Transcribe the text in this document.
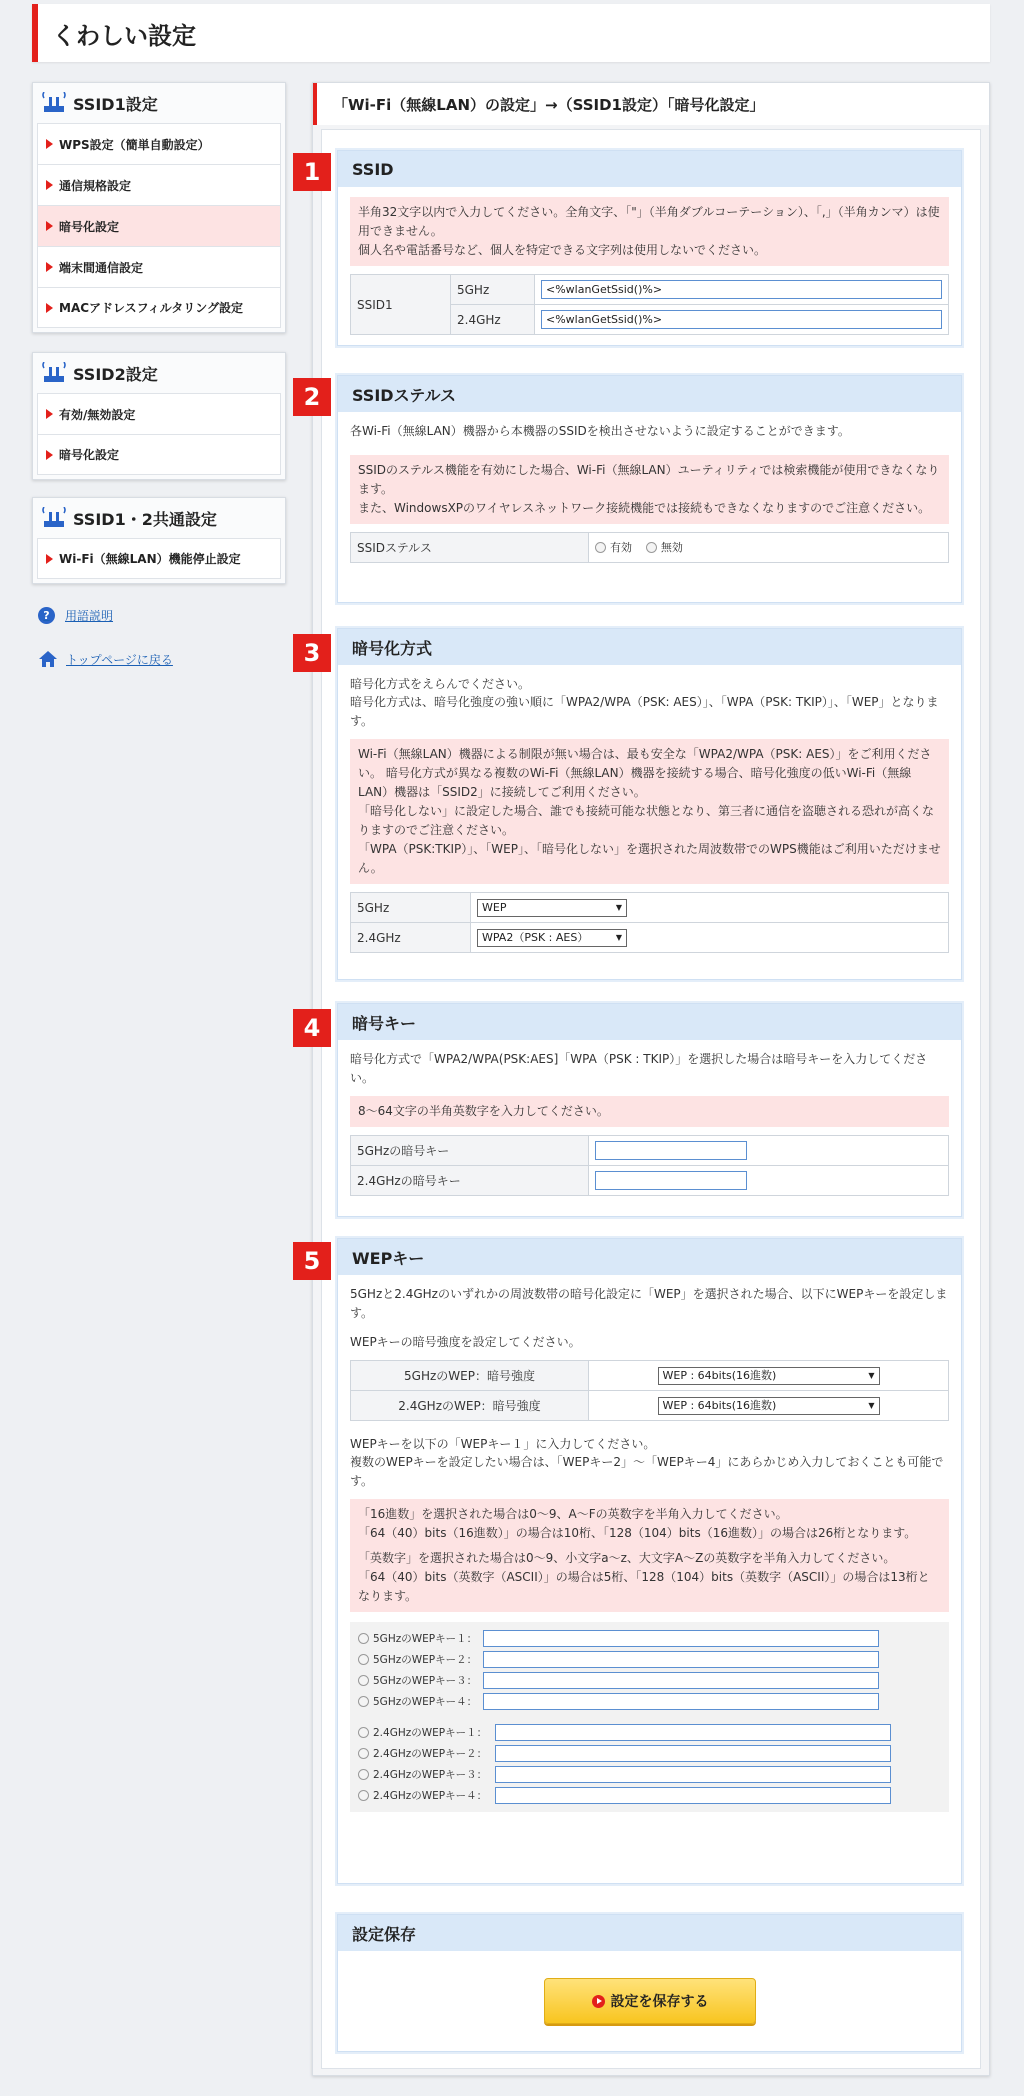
くわしい設定
SSID1設定
WPS設定（簡単自動設定）
通信規格設定
暗号化設定
端末間通信設定
MACアドレスフィルタリング設定
SSID2設定
有効/無効設定
暗号化設定
SSID1・2共通設定
Wi-Fi（無線LAN）機能停止設定
?	用語説明
トップページに戻る
「Wi-Fi（無線LAN）の設定」→（SSID1設定）「暗号化設定」
1	SSID
半角32文字以内で入力してください。全角文字、「"」（半角ダブルコーテーション）、「,」（半角カンマ）は使用できません。
個人名や電話番号など、個人を特定できる文字列は使用しないでください。
SSID1	5GHz	<%wlanGetSsid()%>
	2.4GHz	<%wlanGetSsid()%>
2	SSIDステルス
各Wi-Fi（無線LAN）機器から本機器のSSIDを検出させないように設定することができます。
SSIDのステルス機能を有効にした場合、Wi-Fi（無線LAN）ユーティリティでは検索機能が使用できなくなります。
また、WindowsXPのワイヤレスネットワーク接続機能では接続もできなくなりますのでご注意ください。
SSIDステルス	有効	無効
3	暗号化方式
暗号化方式をえらんでください。
暗号化方式は、暗号化強度の強い順に「WPA2/WPA（PSK: AES）」、「WPA（PSK: TKIP）」、「WEP」となります。
Wi-Fi（無線LAN）機器による制限が無い場合は、最も安全な「WPA2/WPA（PSK: AES）」をご利用ください。 暗号化方式が異なる複数のWi-Fi（無線LAN）機器を接続する場合、暗号化強度の低いWi-Fi（無線LAN）機器は「SSID2」に接続してご利用ください。
「暗号化しない」に設定した場合、誰でも接続可能な状態となり、第三者に通信を盗聴される恐れが高くなりますのでご注意ください。
「WPA（PSK:TKIP）」、「WEP」、「暗号化しない」を選択された周波数帯でのWPS機能はご利用いただけません。
5GHz	WEP ▼

2.4GHz	WPA2（PSK : AES） ▼
4	暗号キー
暗号化方式で「WPA2/WPA(PSK:AES]「WPA（PSK : TKIP）」を選択した場合は暗号キーを入力してください。
8～64文字の半角英数字を入力してください。
5GHzの暗号キー	
2.4GHzの暗号キー	
5	WEPキー
5GHzと2.4GHzのいずれかの周波数帯の暗号化設定に「WEP」を選択された場合、以下にWEPキーを設定します。
WEPキーの暗号強度を設定してください。
5GHzのWEP：暗号強度	WEP : 64bits(16進数) ▼

2.4GHzのWEP：暗号強度	WEP : 64bits(16進数) ▼
WEPキーを以下の「WEPキー１」に入力してください。
複数のWEPキーを設定したい場合は、「WEPキー2」～「WEPキー4」にあらかじめ入力しておくことも可能です。
「16進数」を選択された場合は0～9、A～Fの英数字を半角入力してください。
「64（40）bits（16進数）」の場合は10桁、「128（104）bits（16進数）」の場合は26桁となります。
「英数字」を選択された場合は0～9、小文字a～z、大文字A～Zの英数字を半角入力してください。
「64（40）bits（英数字（ASCII）」の場合は5桁、「128（104）bits（英数字（ASCII）」の場合は13桁となります。
5GHzのWEPキー１：
5GHzのWEPキー２：
5GHzのWEPキー３：
5GHzのWEPキー４：
2.4GHzのWEPキー１：
2.4GHzのWEPキー２：
2.4GHzのWEPキー３：
2.4GHzのWEPキー４：
設定保存
設定を保存する
